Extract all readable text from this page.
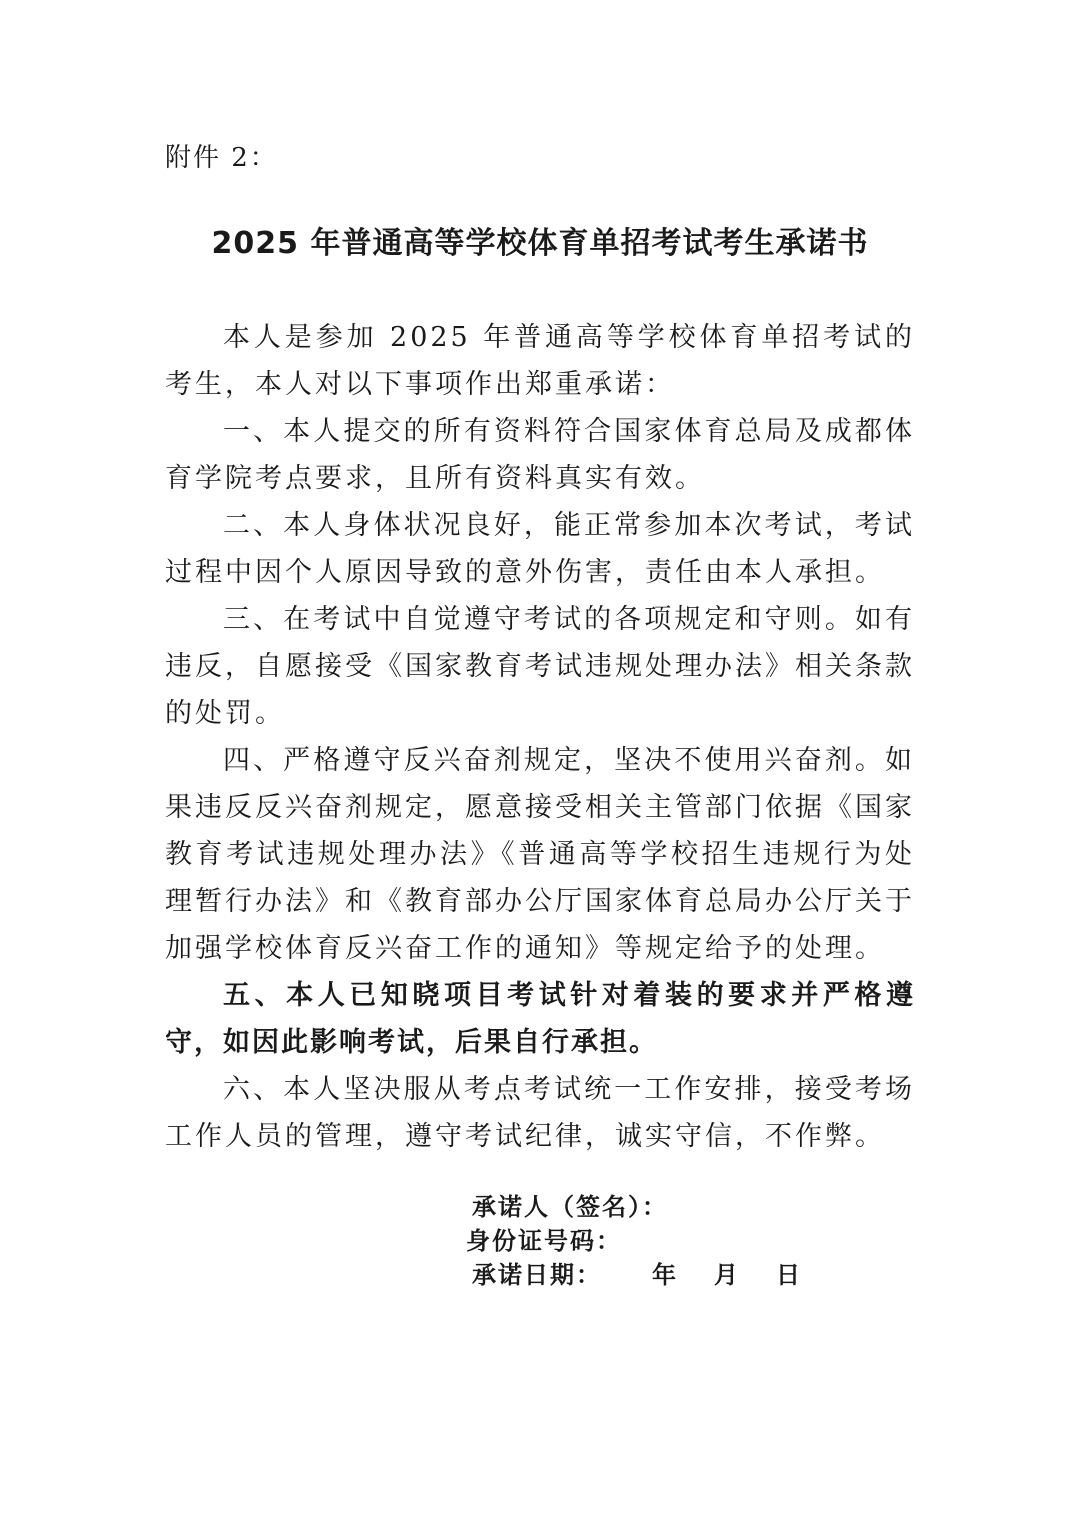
附件 2：
2025 年普通高等学校体育单招考试考生承诺书

本人是参加 2025 年普通高等学校体育单招考试的考生，本人对以下事项作出郑重承诺：

一、本人提交的所有资料符合国家体育总局及成都体育学院考点要求，且所有资料真实有效。

二、本人身体状况良好，能正常参加本次考试，考试过程中因个人原因导致的意外伤害，责任由本人承担。

三、在考试中自觉遵守考试的各项规定和守则。如有违反，自愿接受《国家教育考试违规处理办法》相关条款的处罚。

四、严格遵守反兴奋剂规定，坚决不使用兴奋剂。如果违反反兴奋剂规定，愿意接受相关主管部门依据《国家教育考试违规处理办法》《普通高等学校招生违规行为处理暂行办法》和《教育部办公厅国家体育总局办公厅关于加强学校体育反兴奋工作的通知》等规定给予的处理。

五、本人已知晓项目考试针对着装的要求并严格遵守，如因此影响考试，后果自行承担。

六、本人坚决服从考点考试统一工作安排，接受考场工作人员的管理，遵守考试纪律，诚实守信，不作弊。

承诺人（签名）：
身份证号码：
承诺日期： 年 月 日
